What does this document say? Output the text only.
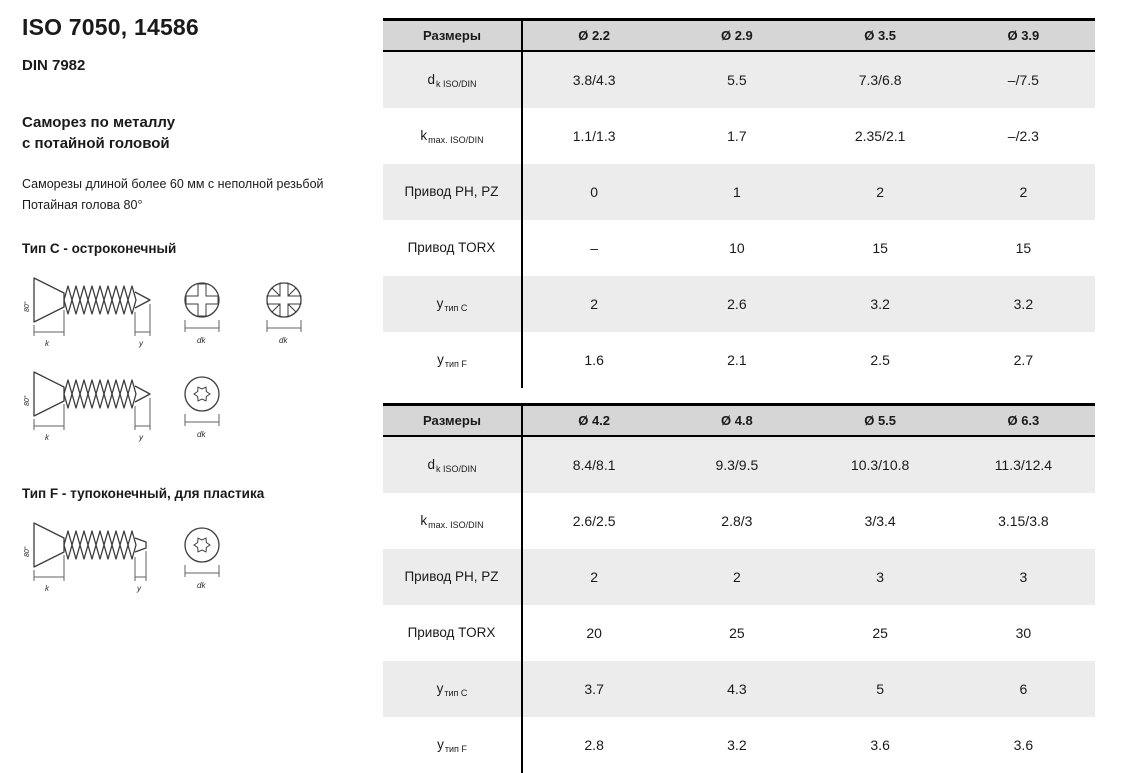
ISO 7050, 14586
DIN 7982
Саморез по металлу
с потайной головой

Саморезы длиной более 60 мм с неполной резьбой
Потайная голова 80°

Тип C - остроконечный

80°
k	y	dk	dk
80°
k	y	dk

Тип F - тупоконечный, для пластика

80°
k	y	dk
Размеры	Ø 2.2	Ø 2.9	Ø 3.5	Ø 3.9
$d_{k ISO/DIN}$	3.8/4.3	5.5	7.3/6.8	–/7.5
$k_{max. ISO/DIN}$	1.1/1.3	1.7	2.35/2.1	–/2.3
Привод PH, PZ	0	1	2	2
Привод TORX	–	10	15	15
$у_{тип C}$	2	2.6	3.2	3.2
$у_{тип F}$	1.6	2.1	2.5	2.7
Размеры	Ø 4.2	Ø 4.8	Ø 5.5	Ø 6.3
$d_{k ISO/DIN}$	8.4/8.1	9.3/9.5	10.3/10.8	11.3/12.4
$k_{max. ISO/DIN}$	2.6/2.5	2.8/3	3/3.4	3.15/3.8
Привод PH, PZ	2	2	3	3
Привод TORX	20	25	25	30
$у_{тип C}$	3.7	4.3	5	6
$у_{тип F}$	2.8	3.2	3.6	3.6
